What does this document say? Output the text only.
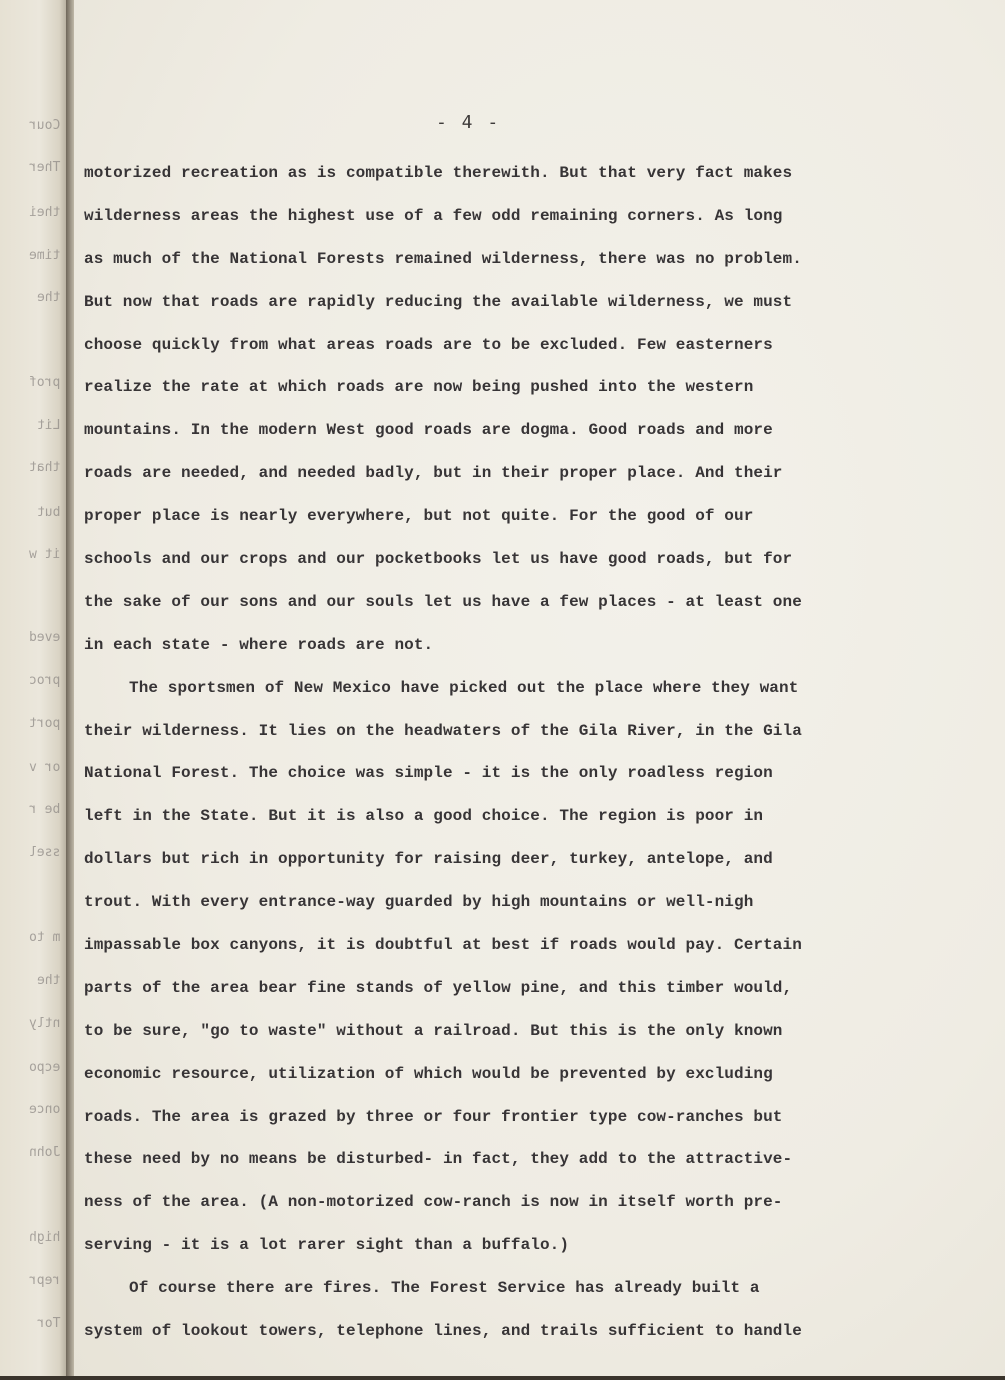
Cour
Ther
thei
time
the
prof
Lit
that
but
it w
eved
proc
port
or v
be r
ssel
m to
the
ntly
ecpo
once
John
high
repr
Tor
- 4 -
motorized recreation as is compatible therewith. But that very fact makes
wilderness areas the highest use of a few odd remaining corners. As long
as much of the National Forests remained wilderness, there was no problem.
But now that roads are rapidly reducing the available wilderness, we must
choose quickly from what areas roads are to be excluded. Few easterners
realize the rate at which roads are now being pushed into the western
mountains. In the modern West good roads are dogma. Good roads and more
roads are needed, and needed badly, but in their proper place. And their
proper place is nearly everywhere, but not quite. For the good of our
schools and our crops and our pocketbooks let us have good roads, but for
the sake of our sons and our souls let us have a few places - at least one
in each state - where roads are not.
The sportsmen of New Mexico have picked out the place where they want
their wilderness. It lies on the headwaters of the Gila River, in the Gila
National Forest. The choice was simple - it is the only roadless region
left in the State. But it is also a good choice. The region is poor in
dollars but rich in opportunity for raising deer, turkey, antelope, and
trout. With every entrance-way guarded by high mountains or well-nigh
impassable box canyons, it is doubtful at best if roads would pay. Certain
parts of the area bear fine stands of yellow pine, and this timber would,
to be sure, "go to waste" without a railroad. But this is the only known
economic resource, utilization of which would be prevented by excluding
roads. The area is grazed by three or four frontier type cow-ranches but
these need by no means be disturbed- in fact, they add to the attractive-
ness of the area. (A non-motorized cow-ranch is now in itself worth pre-
serving - it is a lot rarer sight than a buffalo.)
Of course there are fires. The Forest Service has already built a
system of lookout towers, telephone lines, and trails sufficient to handle
